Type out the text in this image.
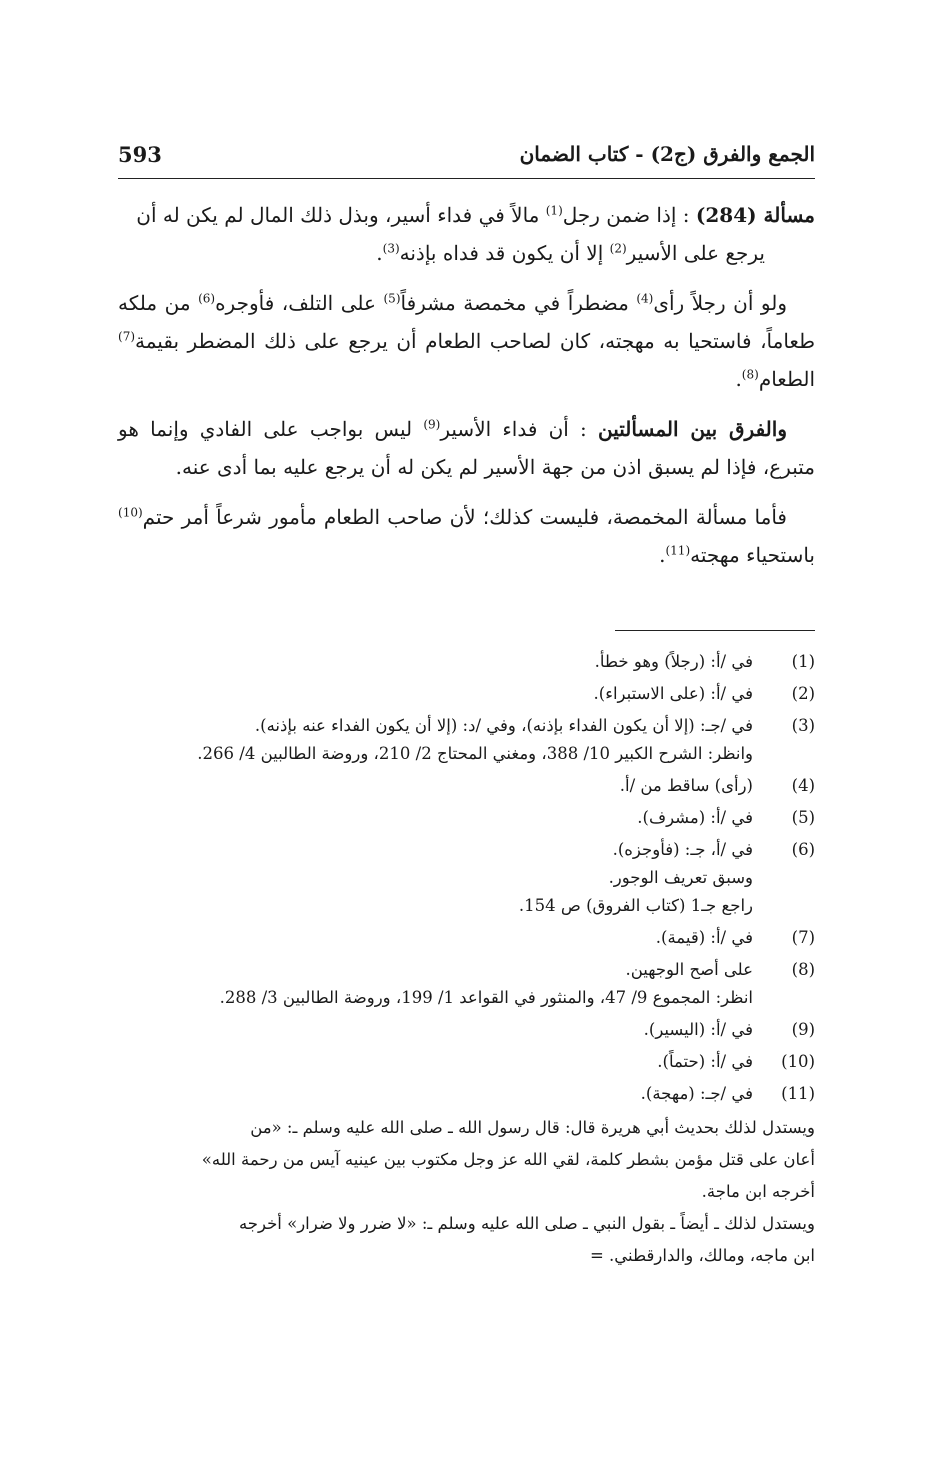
الجمع والفرق (ج2) - كتاب الضمان
593

مسألة (284) : إذا ضمن رجل$^{(1)}$ مالاً في فداء أسير، وبذل ذلك المال لم يكن له أن
يرجع على الأسير$^{(2)}$ إلا أن يكون قد فداه بإذنه$^{(3)}$.

ولو أن رجلاً رأى$^{(4)}$ مضطراً في مخمصة مشرفاً$^{(5)}$ على التلف، فأوجره$^{(6)}$ من ملكه طعاماً، فاستحيا به مهجته، كان لصاحب الطعام أن يرجع على ذلك المضطر بقيمة$^{(7)}$ الطعام$^{(8)}$.

والفرق بين المسألتين : أن فداء الأسير$^{(9)}$ ليس بواجب على الفادي وإنما هو متبرع، فإذا لم يسبق اذن من جهة الأسير لم يكن له أن يرجع عليه بما أدى عنه.

فأما مسألة المخمصة، فليست كذلك؛ لأن صاحب الطعام مأمور شرعاً أمر حتم$^{(10)}$ باستحياء مهجته$^{(11)}$.

(1)
في /أ: (رجلاً) وهو خطأ.
(2)
في /أ: (على الاستبراء).
(3)
في /جـ: (إلا أن يكون الفداء بإذنه)، وفي /د: (إلا أن يكون الفداء عنه بإذنه).
وانظر: الشرح الكبير 10/ 388، ومغني المحتاج 2/ 210، وروضة الطالبين 4/ 266.
(4)
(رأى) ساقط من /أ.
(5)
في /أ: (مشرف).
(6)
في /أ، جـ: (فأوجزه).
وسبق تعريف الوجور.
راجع جـ1 (كتاب الفروق) ص 154.
(7)
في /أ: (قيمة).
(8)
على أصح الوجهين.
انظر: المجموع 9/ 47، والمنثور في القواعد 1/ 199، وروضة الطالبين 3/ 288.
(9)
في /أ: (اليسير).
(10)
في /أ: (حتماً).
(11)
في /جـ: (مهجة).
ويستدل لذلك بحديث أبي هريرة قال: قال رسول الله ـ صلى الله عليه وسلم ـ: «من
أعان على قتل مؤمن بشطر كلمة، لقي الله عز وجل مكتوب بين عينيه آيس من رحمة الله»
أخرجه ابن ماجة.
ويستدل لذلك ـ أيضاً ـ بقول النبي ـ صلى الله عليه وسلم ـ: «لا ضرر ولا ضرار» أخرجه
ابن ماجه، ومالك، والدارقطني. =
